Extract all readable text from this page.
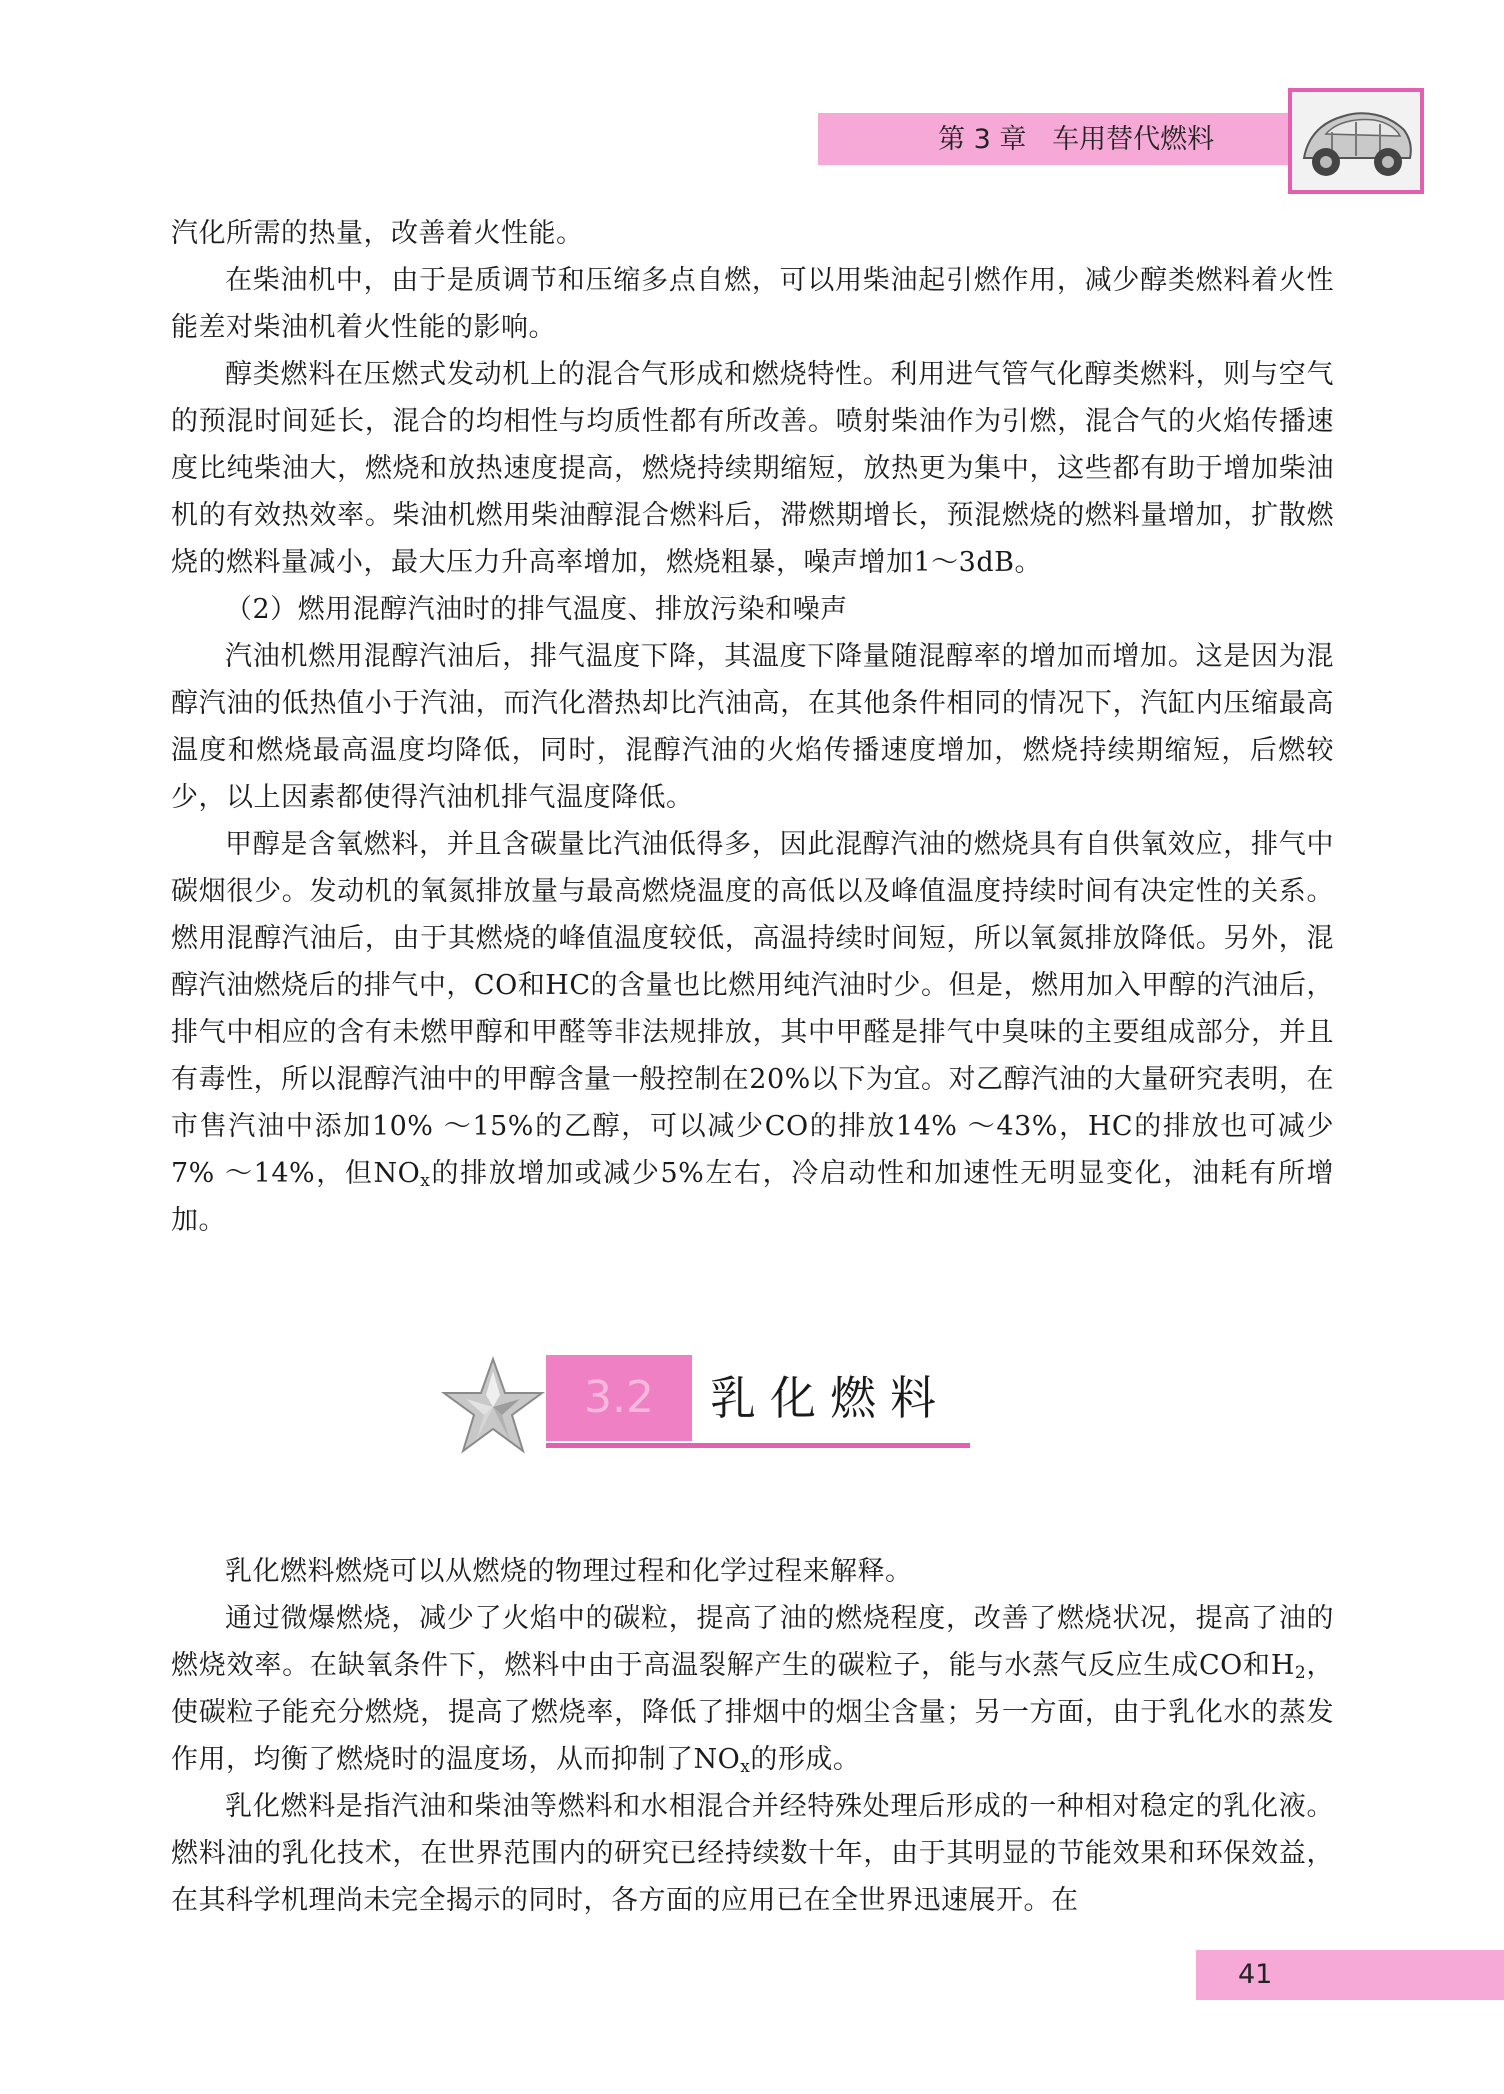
第 3 章 车用替代燃料

汽化所需的热量，改善着火性能。

在柴油机中，由于是质调节和压缩多点自燃，可以用柴油起引燃作用，减少醇类燃料着火性能差对柴油机着火性能的影响。

醇类燃料在压燃式发动机上的混合气形成和燃烧特性。利用进气管气化醇类燃料，则与空气的预混时间延长，混合的均相性与均质性都有所改善。喷射柴油作为引燃，混合气的火焰传播速度比纯柴油大，燃烧和放热速度提高，燃烧持续期缩短，放热更为集中，这些都有助于增加柴油机的有效热效率。柴油机燃用柴油醇混合燃料后，滞燃期增长，预混燃烧的燃料量增加，扩散燃烧的燃料量减小，最大压力升高率增加，燃烧粗暴，噪声增加1～3dB。

（2）燃用混醇汽油时的排气温度、排放污染和噪声

汽油机燃用混醇汽油后，排气温度下降，其温度下降量随混醇率的增加而增加。这是因为混醇汽油的低热值小于汽油，而汽化潜热却比汽油高，在其他条件相同的情况下，汽缸内压缩最高温度和燃烧最高温度均降低，同时，混醇汽油的火焰传播速度增加，燃烧持续期缩短，后燃较少，以上因素都使得汽油机排气温度降低。

甲醇是含氧燃料，并且含碳量比汽油低得多，因此混醇汽油的燃烧具有自供氧效应，排气中碳烟很少。发动机的氧氮排放量与最高燃烧温度的高低以及峰值温度持续时间有决定性的关系。燃用混醇汽油后，由于其燃烧的峰值温度较低，高温持续时间短，所以氧氮排放降低。另外，混醇汽油燃烧后的排气中，CO和HC的含量也比燃用纯汽油时少。但是，燃用加入甲醇的汽油后，排气中相应的含有未燃甲醇和甲醛等非法规排放，其中甲醛是排气中臭味的主要组成部分，并且有毒性，所以混醇汽油中的甲醇含量一般控制在20%以下为宜。对乙醇汽油的大量研究表明，在市售汽油中添加10% ～15%的乙醇，可以减少CO的排放14% ～43%，HC的排放也可减少7% ～14%，但$NO_x$的排放增加或减少5%左右，冷启动性和加速性无明显变化，油耗有所增加。

3.2	乳化燃料

乳化燃料燃烧可以从燃烧的物理过程和化学过程来解释。

通过微爆燃烧，减少了火焰中的碳粒，提高了油的燃烧程度，改善了燃烧状况，提高了油的燃烧效率。在缺氧条件下，燃料中由于高温裂解产生的碳粒子，能与水蒸气反应生成CO和$H_2$，使碳粒子能充分燃烧，提高了燃烧率，降低了排烟中的烟尘含量；另一方面，由于乳化水的蒸发作用，均衡了燃烧时的温度场，从而抑制了$NO_x$的形成。

乳化燃料是指汽油和柴油等燃料和水相混合并经特殊处理后形成的一种相对稳定的乳化液。燃料油的乳化技术，在世界范围内的研究已经持续数十年，由于其明显的节能效果和环保效益，在其科学机理尚未完全揭示的同时，各方面的应用已在全世界迅速展开。在

41
